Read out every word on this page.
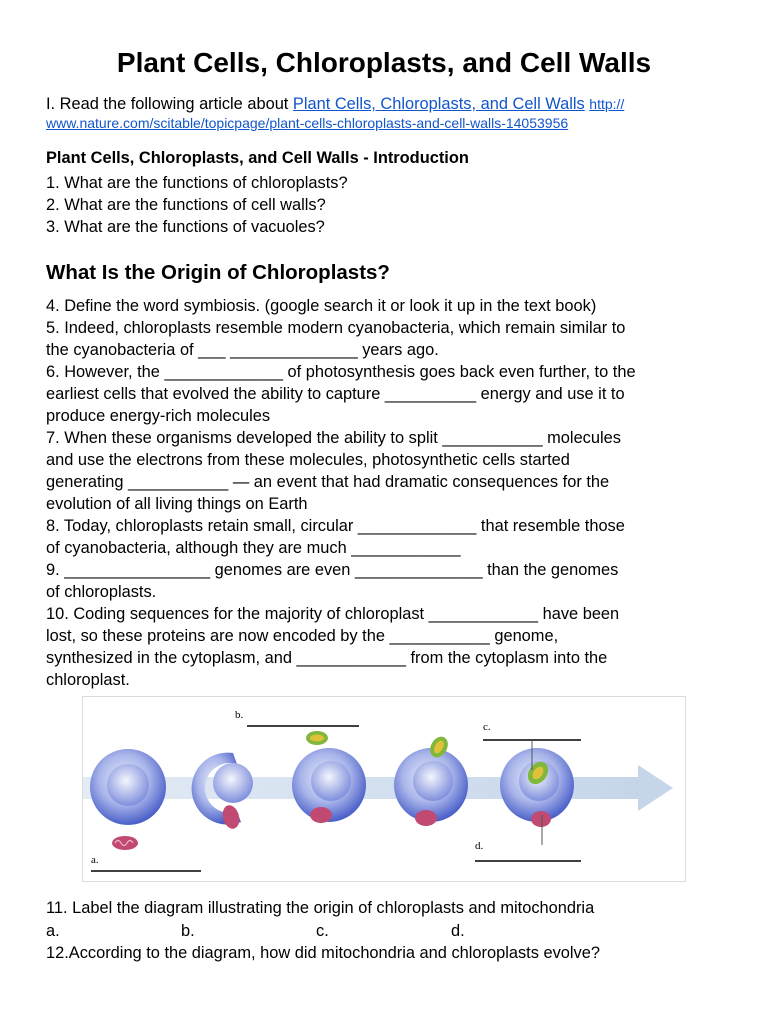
Plant Cells, Chloroplasts, and Cell Walls
I. Read the following article about Plant Cells, Chloroplasts, and Cell Walls http://
www.nature.com/scitable/topicpage/plant-cells-chloroplasts-and-cell-walls-14053956
Plant Cells, Chloroplasts, and Cell Walls - Introduction
1. What are the functions of chloroplasts?
2. What are the functions of cell walls?
3. What are the functions of vacuoles?
What Is the Origin of Chloroplasts?
4. Define the word symbiosis. (google search it or look it up in the text book)
5. Indeed, chloroplasts resemble modern cyanobacteria, which remain similar to
the cyanobacteria of ___ ______________ years ago.
6. However, the _____________ of photosynthesis goes back even further, to the
earliest cells that evolved the ability to capture __________ energy and use it to
produce energy-rich molecules
7. When these organisms developed the ability to split ___________ molecules
and use the electrons from these molecules, photosynthetic cells started
generating ___________ — an event that had dramatic consequences for the
evolution of all living things on Earth
8. Today, chloroplasts retain small, circular _____________ that resemble those
of cyanobacteria, although they are much ____________
9. ________________ genomes are even ______________ than the genomes
of chloroplasts.
10. Coding sequences for the majority of chloroplast ____________ have been
lost, so these proteins are now encoded by the ___________ genome,
synthesized in the cytoplasm, and ____________ from the cytoplasm into the
chloroplast.
b.
c.
d.
a.
11. Label the diagram illustrating the origin of chloroplasts and mitochondria
a.	b.	c.	d.
12.According to the diagram, how did mitochondria and chloroplasts evolve?
